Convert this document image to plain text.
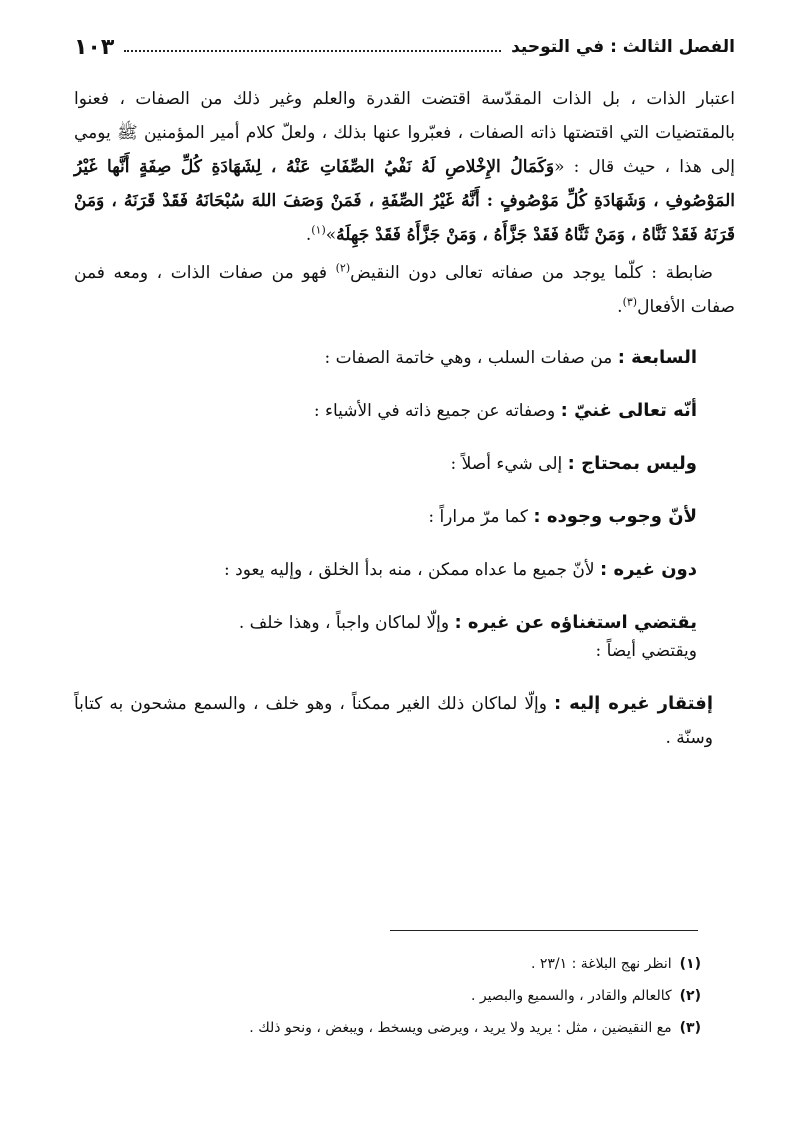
الفصل الثالث : في التوحيد
١٠٣

اعتبار الذات ، بل الذات المقدّسة اقتضت القدرة والعلم وغير ذلك من الصفات ، فعنوا بالمقتضيات التي اقتضتها ذاته الصفات ، فعبّروا عنها بذلك ، ولعلّ كلام أمير المؤمنين ﷺ يومي إلى هذا ، حيث قال : «وَكَمَالُ الإِخْلاصِ لَهُ نَفْيُ الصِّفَاتِ عَنْهُ ، لِشَهَادَةِ كُلِّ صِفَةٍ أَنَّها غَيْرُ المَوْصُوفِ ، وَشَهَادَةِ كُلِّ مَوْصُوفٍ : أَنَّهُ غَيْرُ الصِّفَةِ ، فَمَنْ وَصَفَ اللهَ سُبْحَانَهُ فَقَدْ قَرَنَهُ ، وَمَنْ قَرَنَهُ فَقَدْ ثَنَّاهُ ، وَمَنْ ثَنَّاهُ فَقَدْ جَزَّأَهُ ، وَمَنْ جَزَّأَهُ فَقَدْ جَهِلَهُ»$^{(١)}$.

ضابطة : كلّما يوجد من صفاته تعالى دون النقيض$^{(٢)}$ فهو من صفات الذات ، ومعه فمن صفات الأفعال$^{(٣)}$.

السابعة : من صفات السلب ، وهي خاتمة الصفات :

أنّه تعالى غنيّ : وصفاته عن جميع ذاته في الأشياء :

وليس بمحتاج : إلى شيء أصلاً :

لأنّ وجوب وجوده : كما مرّ مراراً :

دون غيره : لأنّ جميع ما عداه ممكن ، منه بدأ الخلق ، وإليه يعود :

يقتضي استغناؤه عن غيره : وإلّا لماكان واجباً ، وهذا خلف .

ويقتضي أيضاً :

إفتقار غيره إليه : وإلّا لماكان ذلك الغير ممكناً ، وهو خلف ، والسمع مشحون به كتاباً وسنّة .

(١)انظر نهج البلاغة : ٢٣/١ .

(٢)كالعالم والقادر ، والسميع والبصير .

(٣)مع النقيضين ، مثل : يريد ولا يريد ، ويرضى ويسخط ، ويبغض ، ونحو ذلك .
